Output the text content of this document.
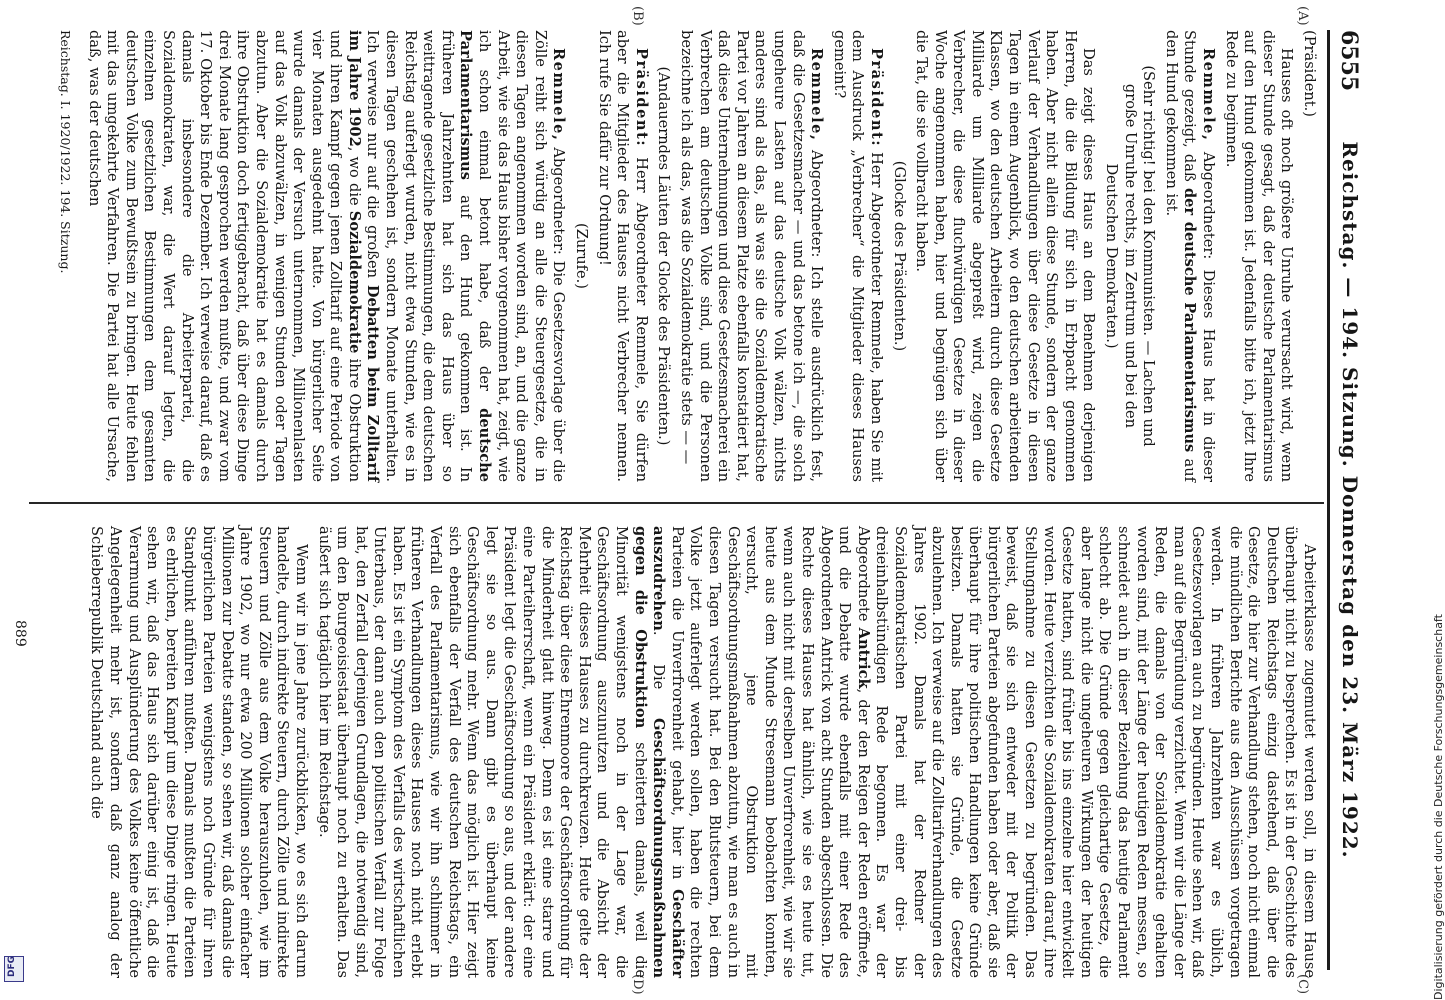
6555
Reichstag. — 194. Sitzung. Donnerstag den 23. März 1922.
(A)
(B)
(C)
(D)

(Präsident.)

Hauses oft noch größere Unruhe verursacht wird, wenn dieser Stunde gesagt, daß der deutsche Parlamentarismus auf den Hund gekommen ist. Jedenfalls bitte ich, jetzt Ihre Rede zu beginnen.

Remmele, Abgeordneter: Dieses Haus hat in dieser Stunde gezeigt, daß der deutsche Parlamentarismus auf den Hund gekommen ist.

(Sehr richtig! bei den Kommunisten. — Lachen und große Unruhe rechts, im Zentrum und bei den Deutschen Demokraten.)

Das zeigt dieses Haus an dem Benehmen derjenigen Herren, die die Bildung für sich in Erbpacht genommen haben. Aber nicht allein diese Stunde, sondern der ganze Verlauf der Verhandlungen über diese Gesetze in diesen Tagen in einem Augenblick, wo den deutschen arbeitenden Klassen, wo den deutschen Arbeitern durch diese Gesetze Milliarde um Milliarde abgepreßt wird, zeigen die Verbrecher, die diese fluchwürdigen Gesetze in dieser Woche angenommen haben, hier und begnügen sich über die Tat, die sie vollbracht haben.

(Glocke des Präsidenten.)

Präsident: Herr Abgeordneter Remmele, haben Sie mit dem Ausdruck „Verbrecher“ die Mitglieder dieses Hauses gemeint?

Remmele, Abgeordneter: Ich stelle ausdrücklich fest, daß die Gesetzesmacher — und das betone ich —, die solch ungeheure Lasten auf das deutsche Volk wälzen, nichts anderes sind als das, als was sie die Sozialdemokratische Partei vor Jahren an diesem Platze ebenfalls konstatiert hat, daß diese Unternehmungen und diese Gesetzesmacherei ein Verbrechen am deutschen Volke sind, und die Personen bezeichne ich als das, was die Sozialdemokratie stets — —

(Andauerndes Läuten der Glocke des Präsidenten.)

Präsident: Herr Abgeordneter Remmele, Sie dürfen aber die Mitglieder des Hauses nicht Verbrecher nennen. Ich rufe Sie dafür zur Ordnung!

(Zurufe.)

Remmele, Abgeordneter: Die Gesetzesvorlage über die Zölle reiht sich würdig an alle die Steuergesetze, die in diesen Tagen angenommen worden sind, an, und die ganze Arbeit, wie sie das Haus bisher vorgenommen hat, zeigt, wie ich schon einmal betont habe, daß der deutsche Parlamentarismus auf den Hund gekommen ist. In früheren Jahrzehnten hat sich das Haus über so weittragende gesetzliche Bestimmungen, die dem deutschen Reichstag auferlegt wurden, nicht etwa Stunden, wie es in diesen Tagen geschehen ist, sondern Monate unterhalten. Ich verweise nur auf die großen Debatten beim Zolltarif im Jahre 1902, wo die Sozialdemokratie ihre Obstruktion und ihren Kampf gegen jenen Zolltarif auf eine Periode von vier Monaten ausgedehnt hatte. Von bürgerlicher Seite wurde damals der Versuch unternommen, Millionenlasten auf das Volk abzuwälzen, in wenigen Stunden oder Tagen abzutun. Aber die Sozialdemokratie hat es damals durch ihre Obstruktion doch fertiggebracht, daß über diese Dinge drei Monate lang gesprochen werden mußte, und zwar vom 17. Oktober bis Ende Dezember. Ich verweise darauf, daß es damals insbesondere die Arbeiterpartei, die Sozialdemokraten, war, die Wert darauf legten, die einzelnen gesetzlichen Bestimmungen dem gesamten deutschen Volke zum Bewußtsein zu bringen. Heute fehlen mit das umgekehrte Verfahren. Die Partei hat alle Ursache, daß, was der deutschen

Reichstag. I. 1920/1922. 194. Sitzung.

Arbeiterklasse zugemutet werden soll, in diesem Hause überhaupt nicht zu besprechen. Es ist in der Geschichte des Deutschen Reichstags einzig dastehend, daß über die Gesetze, die hier zur Verhandlung stehen, noch nicht einmal die mündlichen Berichte aus den Ausschüssen vorgetragen werden. In früheren Jahrzehnten war es üblich, Gesetzesvorlagen auch zu begründen. Heute sehen wir, daß man auf die Begründung verzichtet. Wenn wir die Länge der Reden, die damals von der Sozialdemokratie gehalten worden sind, mit der Länge der heutigen Reden messen, so schneidet auch in dieser Beziehung das heutige Parlament schlecht ab. Die Gründe gegen gleichartige Gesetze, die aber lange nicht die ungeheuren Wirkungen der heutigen Gesetze hatten, sind früher bis ins einzelne hier entwickelt worden. Heute verzichten die Sozialdemokraten darauf, ihre Stellungnahme zu diesen Gesetzen zu begründen. Das beweist, daß sie sich entweder mit der Politik der bürgerlichen Parteien abgefunden haben oder aber, daß sie überhaupt für ihre politischen Handlungen keine Gründe besitzen. Damals hatten sie Gründe, die Gesetze abzulehnen. Ich verweise auf die Zolltarifverhandlungen des Jahres 1902. Damals hat der Redner der Sozialdemokratischen Partei mit einer drei- bis dreieinhalbstündigen Rede begonnen. Es war der Abgeordnete Antrick, der den Reigen der Reden eröffnete, und die Debatte wurde ebenfalls mit einer Rede des Abgeordneten Antrick von acht Stunden abgeschlossen. Die Rechte dieses Hauses hat ähnlich, wie sie es heute tut, wenn auch nicht mit derselben Unverfrorenheit, wie wir sie heute aus dem Munde Stresemann beobachten konnten, versucht, jene Obstruktion mit Geschäftsordnungsmaßnahmen abzutun, wie man es auch in diesen Tagen versucht hat. Bei den Blutsteuern, bei dem Volke jetzt auferlegt werden sollen, haben die rechten Parteien die Unverfrorenheit gehabt, hier in Geschäfter auszudrehen. Die Geschäftsordnungsmaßnahmen gegen die Obstruktion scheiterten damals, weil die Minorität wenigstens noch in der Lage war, die Geschäftsordnung auszunutzen und die Absicht der Mehrheit dieses Hauses zu durchkreuzen. Heute gelte der Reichstag über diese Ehrenmoore der Geschäftsordnung für die Minderheit glatt hinweg. Denn es ist eine starre und eine Parteiherrschaft, wenn ein Präsident erklärt: der eine Präsident legt die Geschäftsordnung so aus, und der andere legt sie so aus. Dann gibt es überhaupt keine Geschäftsordnung mehr. Wenn das möglich ist. Hier zeigt sich ebenfalls der Verfall des deutschen Reichstags, ein Verfall des Parlamentarismus, wie wir ihn schlimmer in früheren Verhandlungen dieses Hauses noch nicht erlebt haben. Es ist ein Symptom des Verfalls des wirtschaftlichen Unterbaus, der dann auch den politischen Verfall zur Folge hat, den Zerfall derjenigen Grundlagen, die notwendig sind, um den Bourgeoisiestaat überhaupt noch zu erhalten. Das äußert sich tagtäglich hier im Reichstage.

Wenn wir in jene Jahre zurückblicken, wo es sich darum handelte, durch indirekte Steuern, durch Zölle und indirekte Steuern und Zölle aus dem Volke herauszuholen, wie im Jahre 1902, wo nur etwa 200 Millionen solcher einfacher Millionen zur Debatte standen, so sehen wir, daß damals die bürgerlichen Parteien wenigstens noch Gründe für ihren Standpunkt anführen mußten. Damals mußten die Parteien es ehrlichen, bereiten Kampf um diese Dinge ringen. Heute sehen wir, daß das Haus sich darüber einig ist, daß die Verarmung und Ausplünderung des Volkes keine öffentliche Angelegenheit mehr ist, sondern daß ganz analog der Schieberrepublik Deutschland auch die

889	Digitalisierung gefördert durch die Deutsche Forschungsgemeinschaft
DFG
